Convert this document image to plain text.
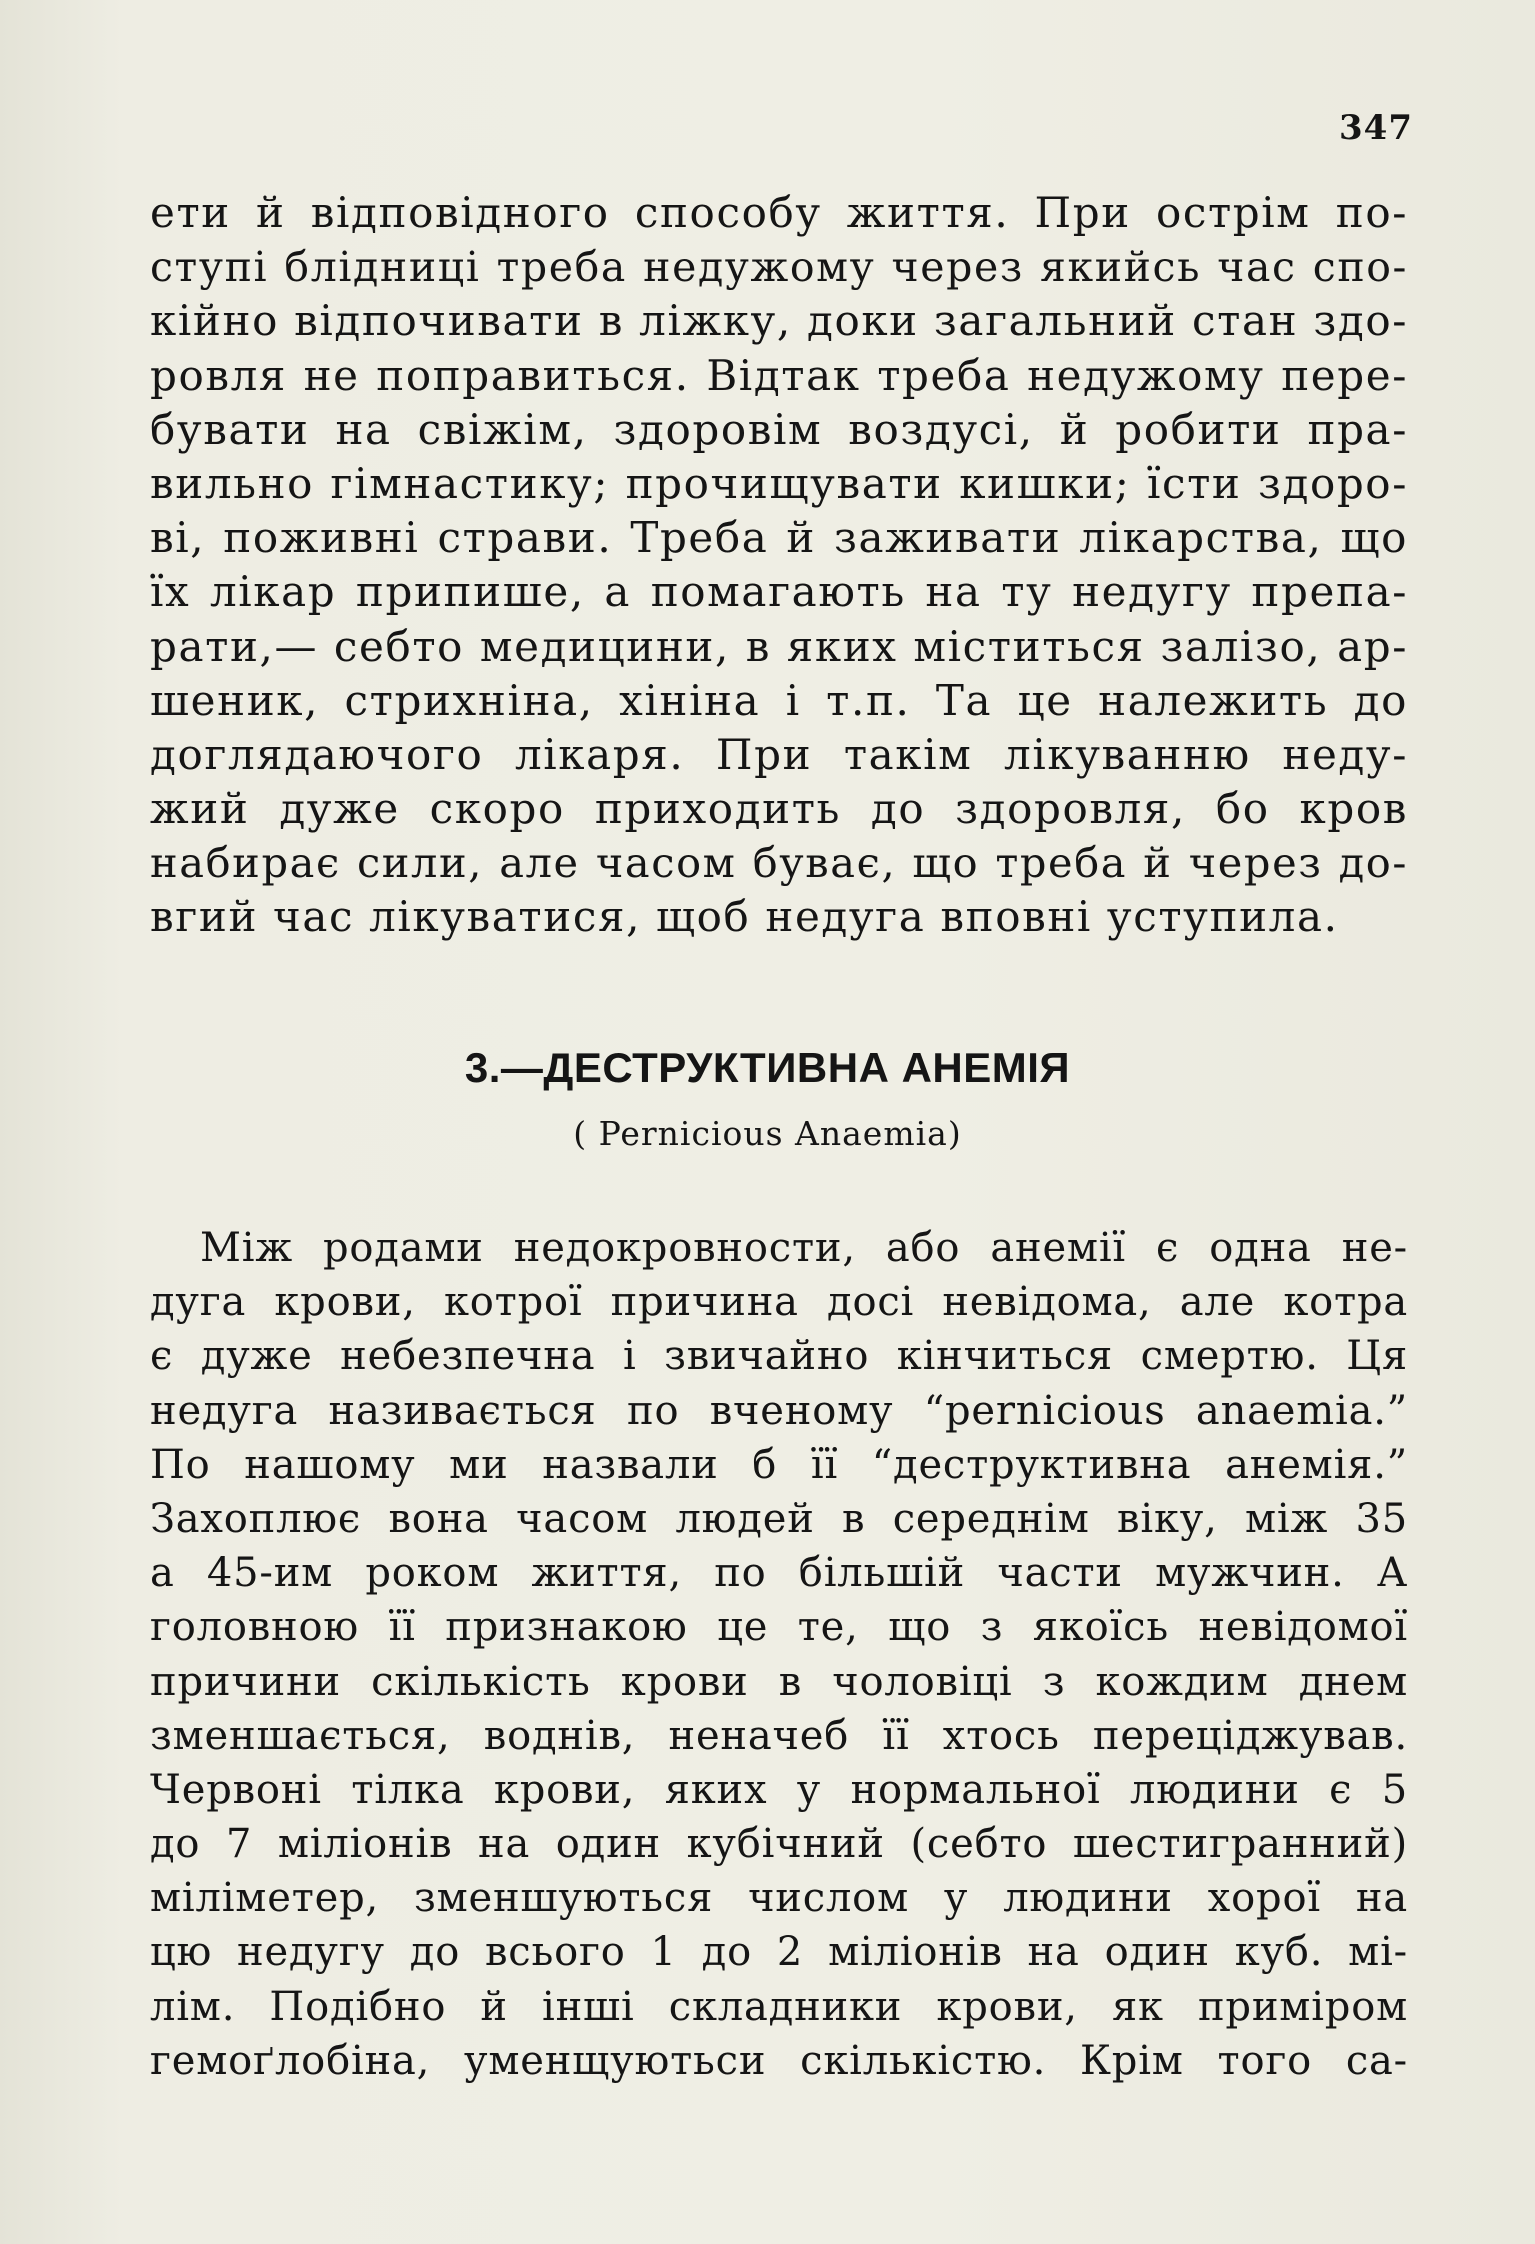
347
ети й відповідного способу життя. При острім по-
ступі блідниці треба недужому через якийсь час спо-
кійно відпочивати в ліжку, доки загальний стан здо-
ровля не поправиться. Відтак треба недужому пере-
бувати на свіжім, здоровім воздусі, й робити пра-
вильно гімнастику; прочищувати кишки; їсти здоро-
ві, поживні страви. Треба й заживати лікарства, що
їх лікар припише, а помагають на ту недугу препа-
рати,— себто медицини, в яких міститься залізо, ар-
шеник, стрихніна, хініна і т.п. Та це належить до
доглядаючого лікаря. При такім лікуванню неду-
жий дуже скоро приходить до здоровля, бо кров
набирає сили, але часом буває, що треба й через до-
вгий час лікуватися, щоб недуга вповні уступила.
3.—ДЕСТРУКТИВНА АНЕМІЯ
( Pernicious Anaemia)
Між родами недокровности, або анемії є одна не-
дуга крови, котрої причина досі невідома, але котра
є дуже небезпечна і звичайно кінчиться смертю. Ця
недуга називається по вченому “pernicious anaemia.”
По нашому ми назвали б її “деструктивна анемія.”
Захоплює вона часом людей в середнім віку, між 35
а 45-им роком життя, по більшій части мужчин. А
головною її признакою це те, що з якоїсь невідомої
причини скількість крови в чоловіці з кождим днем
зменшається, воднів, неначеб її хтось переціджував.
Червоні тілка крови, яких у нормальної людини є 5
до 7 міліонів на один кубічний (себто шестигранний)
міліметер, зменшуються числом у людини хорої на
цю недугу до всього 1 до 2 міліонів на один куб. мі-
лім. Подібно й інші складники крови, як приміром
гемоґлобіна, уменщуютьси скількістю. Крім того са-
